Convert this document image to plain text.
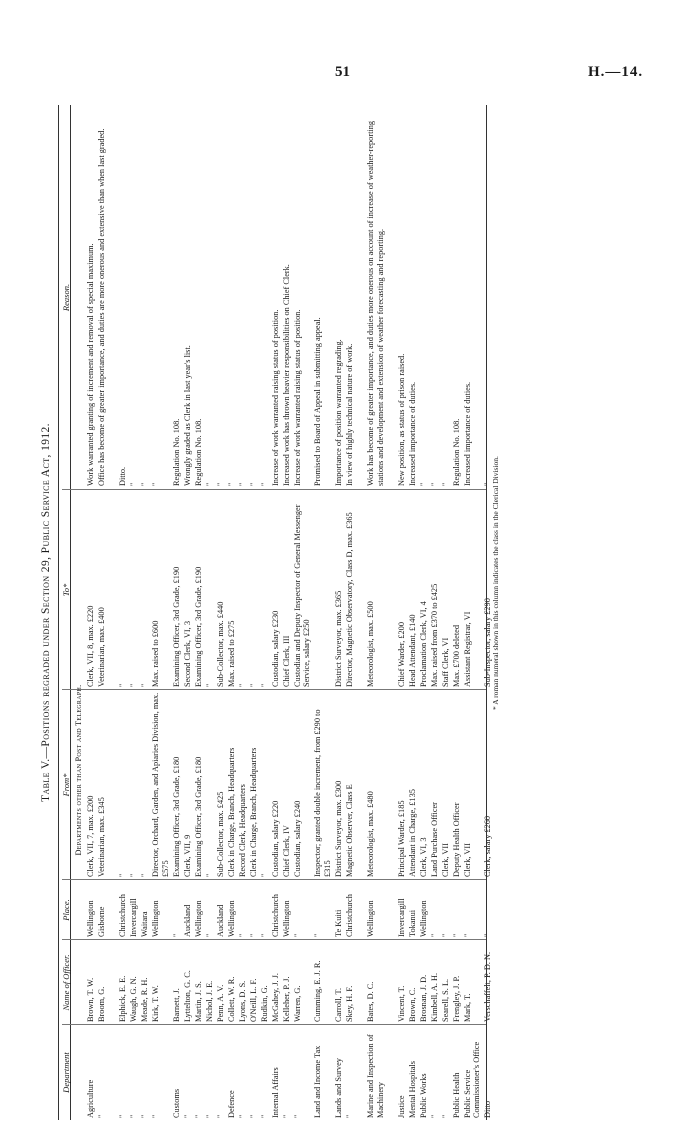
51	H.—14.
Table V.—Positions regraded under Section 29, Public Service Act, 1912.
Department
Name of Officer.
Place.
From*
To*
Reason.
Departments other than Post and Telegraph.
Agriculture
Brown, T. W.
Wellington
Clerk, VII, 7, max. £200
Clerk, VII, 8, max. £220
Work warranted granting of increment and removal of special maximum.
"
Broom, G.
Gisborne
Veterinarian, max. £345
Veterinarian, max. £400
Office has become of greater importance, and duties are more onerous and extensive than when last graded.
"
Elphick, E. E.
Christchurch
"
"
Ditto.
"
Waugh, G. N.
Invercargill
"
"
"
"
Meade, R. H.
Waitara
"
"
"
"
Kirk, T. W.
Wellington
Director, Orchard, Garden, and Apiaries Division, max. £575
Max. raised to £600
"
Customs
Barnett, J.
"
Examining Officer, 3rd Grade, £180
Examining Officer, 3rd Grade, £190
Regulation No. 108.
"
Lyttelton, G. C.
Auckland
Clerk, VII, 9
Second Clerk, VI, 3
Wrongly graded as Clerk in last year's list.
"
Martin, J. S.
Wellington
Examining Officer, 3rd Grade, £180
Examining Officer, 3rd Grade, £190
Regulation No. 108.
"
Nichol, J. E.
"
"
"
"
"
Penn, A. V.
Auckland
Sub-Collector, max. £425
Sub-Collector, max. £440
"
Defence
Collett, W. R.
Wellington
Clerk in Charge, Branch, Headquarters
Max. raised to £275
"
"
Lyons, D. S.
"
Record Clerk, Headquarters
"
"
"
O'Neill, L. F.
"
Clerk in Charge, Branch, Headquarters
"
"
"
Rudkin, G.
"
"
"
"
Internal Affairs
McGahey, J. J.
Christchurch
Custodian, salary £220
Custodian, salary £230
Increase of work warranted raising status of position.
"
Kelleher, P. J.
Wellington
Chief Clerk, IV
Chief Clerk, III
Increased work has thrown heavier responsibilities on Chief Clerk.
"
Warren, G.
"
Custodian, salary £240
Custodian and Deputy Inspector of General Messenger Service, salary £250
Increase of work warranted raising status of position.
Land and Income Tax
Cumming, E. J. R.
"
Inspector; granted double increment, from £290 to £315
Promised to Board of Appeal in submitting appeal.
Lands and Survey
Carroll, T.
Te Kuiti
District Surveyor, max. £300
District Surveyor, max. £365
Importance of position warranted regrading.
"
Skey, H. F.
Christchurch
Magnetic Observer, Class E
Director, Magnetic Observatory, Class D, max. £365
In view of highly technical nature of work.
Marine and Inspection of Machinery
Bates, D. C.
Wellington
Meteorologist, max. £480
Meteorologist, max. £500
Work has become of greater importance, and duties more onerous on account of increase of weather-reporting stations and development and extension of weather forecasting and reporting.
Justice
Vincent, T.
Invercargill
Principal Warder, £185
Chief Warder, £200
New position, as status of prison raised.
Mental Hospitals
Brown, C.
Tokanui
Attendant in Charge, £135
Head Attendant, £140
Increased importance of duties.
Public Works
Brosnan, J. D.
Wellington
Clerk, VI, 3
Proclamation Clerk, VI, 4
"
"
Kimbell, A. H.
"
Land Purchase Officer
Max. raised from £370 to £425
"
"
Searell, S. L.
"
Clerk, VII
Staff Clerk, VI
"
Public Health
Frengley, J. P.
"
Deputy Health Officer
Max. £700 deleted
Regulation No. 108.
Public Service Commissioner's Office
Mark, T.
"
Clerk, VII
Assistant Registrar, VI
Increased importance of duties.
Ditto
Verschaffelt, P. D. N.
"
Clerk, salary £260
Sub-Inspector, salary £290
"
* A roman numeral shown in this column indicates the class in the Clerical Division.
